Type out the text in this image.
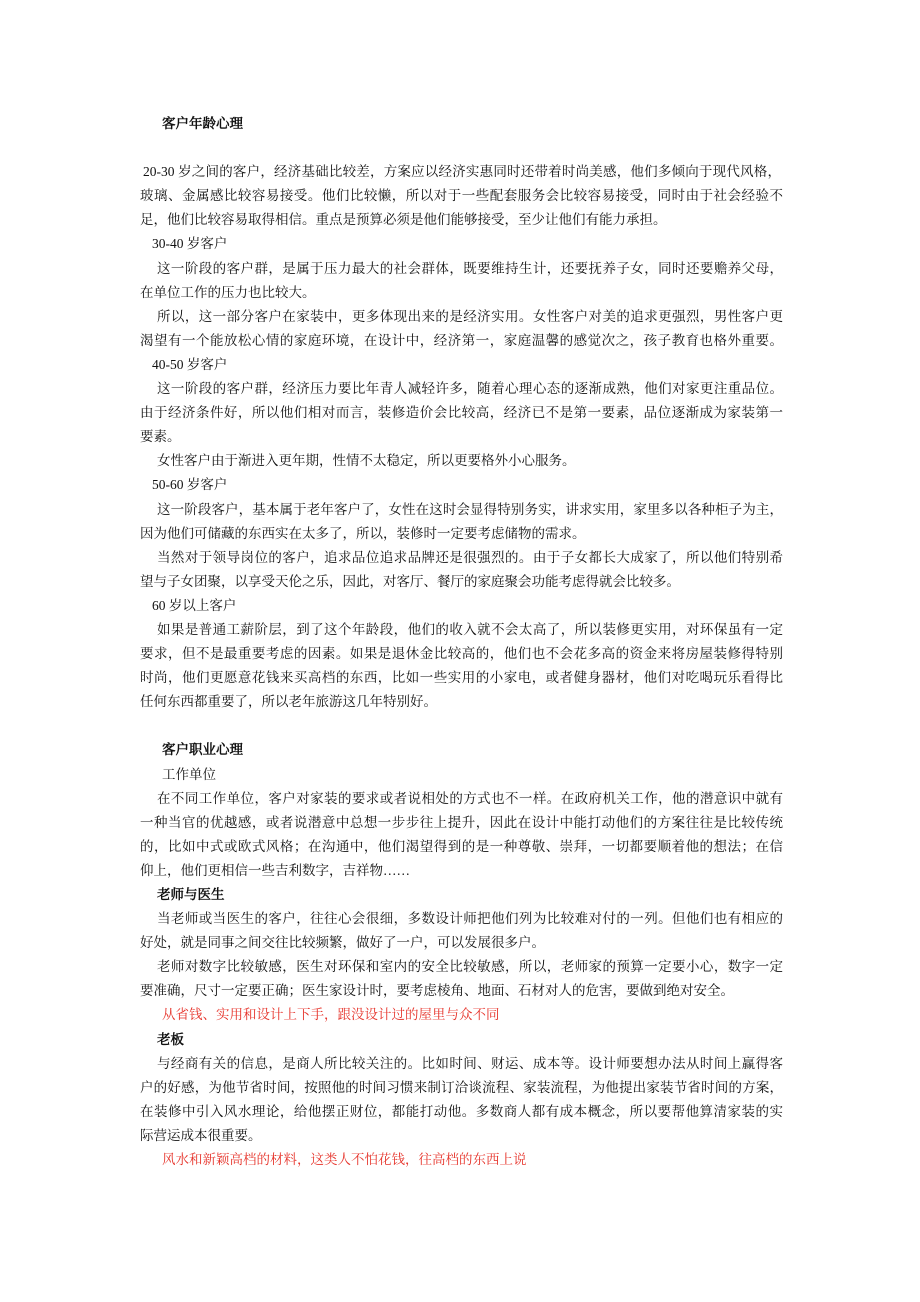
客户年龄心理
20-30 岁之间的客户，经济基础比较差，方案应以经济实惠同时还带着时尚美感，他们多倾向于现代风格，
玻璃、金属感比较容易接受。他们比较懒，所以对于一些配套服务会比较容易接受，同时由于社会经验不
足，他们比较容易取得相信。重点是预算必须是他们能够接受，至少让他们有能力承担。
30-40 岁客户
这一阶段的客户群，是属于压力最大的社会群体，既要维持生计，还要抚养子女，同时还要赡养父母，
在单位工作的压力也比较大。
所以，这一部分客户在家装中，更多体现出来的是经济实用。女性客户对美的追求更强烈，男性客户更
渴望有一个能放松心情的家庭环境，在设计中，经济第一，家庭温馨的感觉次之，孩子教育也格外重要。
40-50 岁客户
这一阶段的客户群，经济压力要比年青人减轻许多，随着心理心态的逐渐成熟，他们对家更注重品位。
由于经济条件好，所以他们相对而言，装修造价会比较高，经济已不是第一要素，品位逐渐成为家装第一
要素。
女性客户由于渐进入更年期，性情不太稳定，所以更要格外小心服务。
50-60 岁客户
这一阶段客户，基本属于老年客户了，女性在这时会显得特别务实，讲求实用，家里多以各种柜子为主，
因为他们可储藏的东西实在太多了，所以，装修时一定要考虑储物的需求。
当然对于领导岗位的客户，追求品位追求品牌还是很强烈的。由于子女都长大成家了，所以他们特别希
望与子女团聚，以享受天伦之乐，因此，对客厅、餐厅的家庭聚会功能考虑得就会比较多。
60 岁以上客户
如果是普通工薪阶层，到了这个年龄段，他们的收入就不会太高了，所以装修更实用，对环保虽有一定
要求，但不是最重要考虑的因素。如果是退休金比较高的，他们也不会花多高的资金来将房屋装修得特别
时尚，他们更愿意花钱来买高档的东西，比如一些实用的小家电，或者健身器材，他们对吃喝玩乐看得比
任何东西都重要了，所以老年旅游这几年特别好。
客户职业心理
工作单位
在不同工作单位，客户对家装的要求或者说相处的方式也不一样。在政府机关工作，他的潜意识中就有
一种当官的优越感，或者说潜意中总想一步步往上提升，因此在设计中能打动他们的方案往往是比较传统
的，比如中式或欧式风格；在沟通中，他们渴望得到的是一种尊敬、崇拜，一切都要顺着他的想法；在信
仰上，他们更相信一些吉利数字，吉祥物……
老师与医生
当老师或当医生的客户，往往心会很细，多数设计师把他们列为比较难对付的一列。但他们也有相应的
好处，就是同事之间交往比较频繁，做好了一户，可以发展很多户。
老师对数字比较敏感，医生对环保和室内的安全比较敏感，所以，老师家的预算一定要小心，数字一定
要准确，尺寸一定要正确；医生家设计时，要考虑棱角、地面、石材对人的危害，要做到绝对安全。
从省钱、实用和设计上下手，跟没设计过的屋里与众不同
老板
与经商有关的信息，是商人所比较关注的。比如时间、财运、成本等。设计师要想办法从时间上赢得客
户的好感，为他节省时间，按照他的时间习惯来制订洽谈流程、家装流程，为他提出家装节省时间的方案，
在装修中引入风水理论，给他摆正财位，都能打动他。多数商人都有成本概念，所以要帮他算清家装的实
际营运成本很重要。
风水和新颖高档的材料，这类人不怕花钱，往高档的东西上说
